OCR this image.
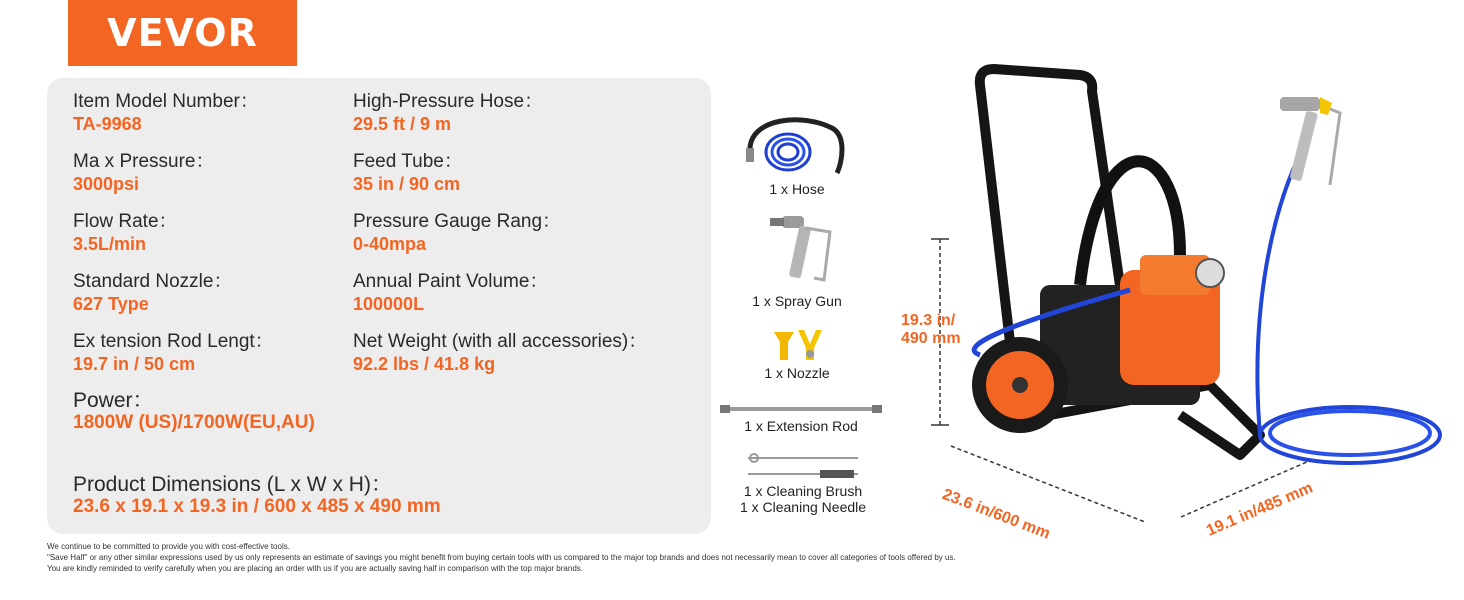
VEVOR
Item Model Number：
TA-9968
High-Pressure Hose：
29.5 ft / 9 m
Ma x Pressure：
3000psi
Feed Tube：
35 in / 90 cm
Flow Rate：
3.5L/min
Pressure Gauge Rang：
0-40mpa
Standard Nozzle：
627 Type
Annual Paint Volume：
100000L
Ex tension Rod Lengt：
19.7 in / 50 cm
Net Weight (with all accessories)：
92.2 lbs / 41.8 kg
Power：
1800W (US)/1700W(EU,AU)
Product Dimensions (L x W x H)：
23.6 x 19.1 x 19.3 in / 600 x 485 x 490 mm
1 x Hose
1 x Spray Gun
1 x Nozzle
1 x Extension Rod
1 x Cleaning Brush
1 x Cleaning Needle
19.3 in/
490 mm
23.6 in/600 mm	19.1 in/485 mm
We continue to be committed to provide you with cost-effective tools.
"Save Half" or any other similar expressions used by us only represents an estimate of savings you might benefit from buying certain tools with us compared to the major top brands and does not necessarily mean to cover all categories of tools offered by us.
You are kindly reminded to verify carefully when you are placing an order with us if you are actually saving half in comparison with the top major brands.
